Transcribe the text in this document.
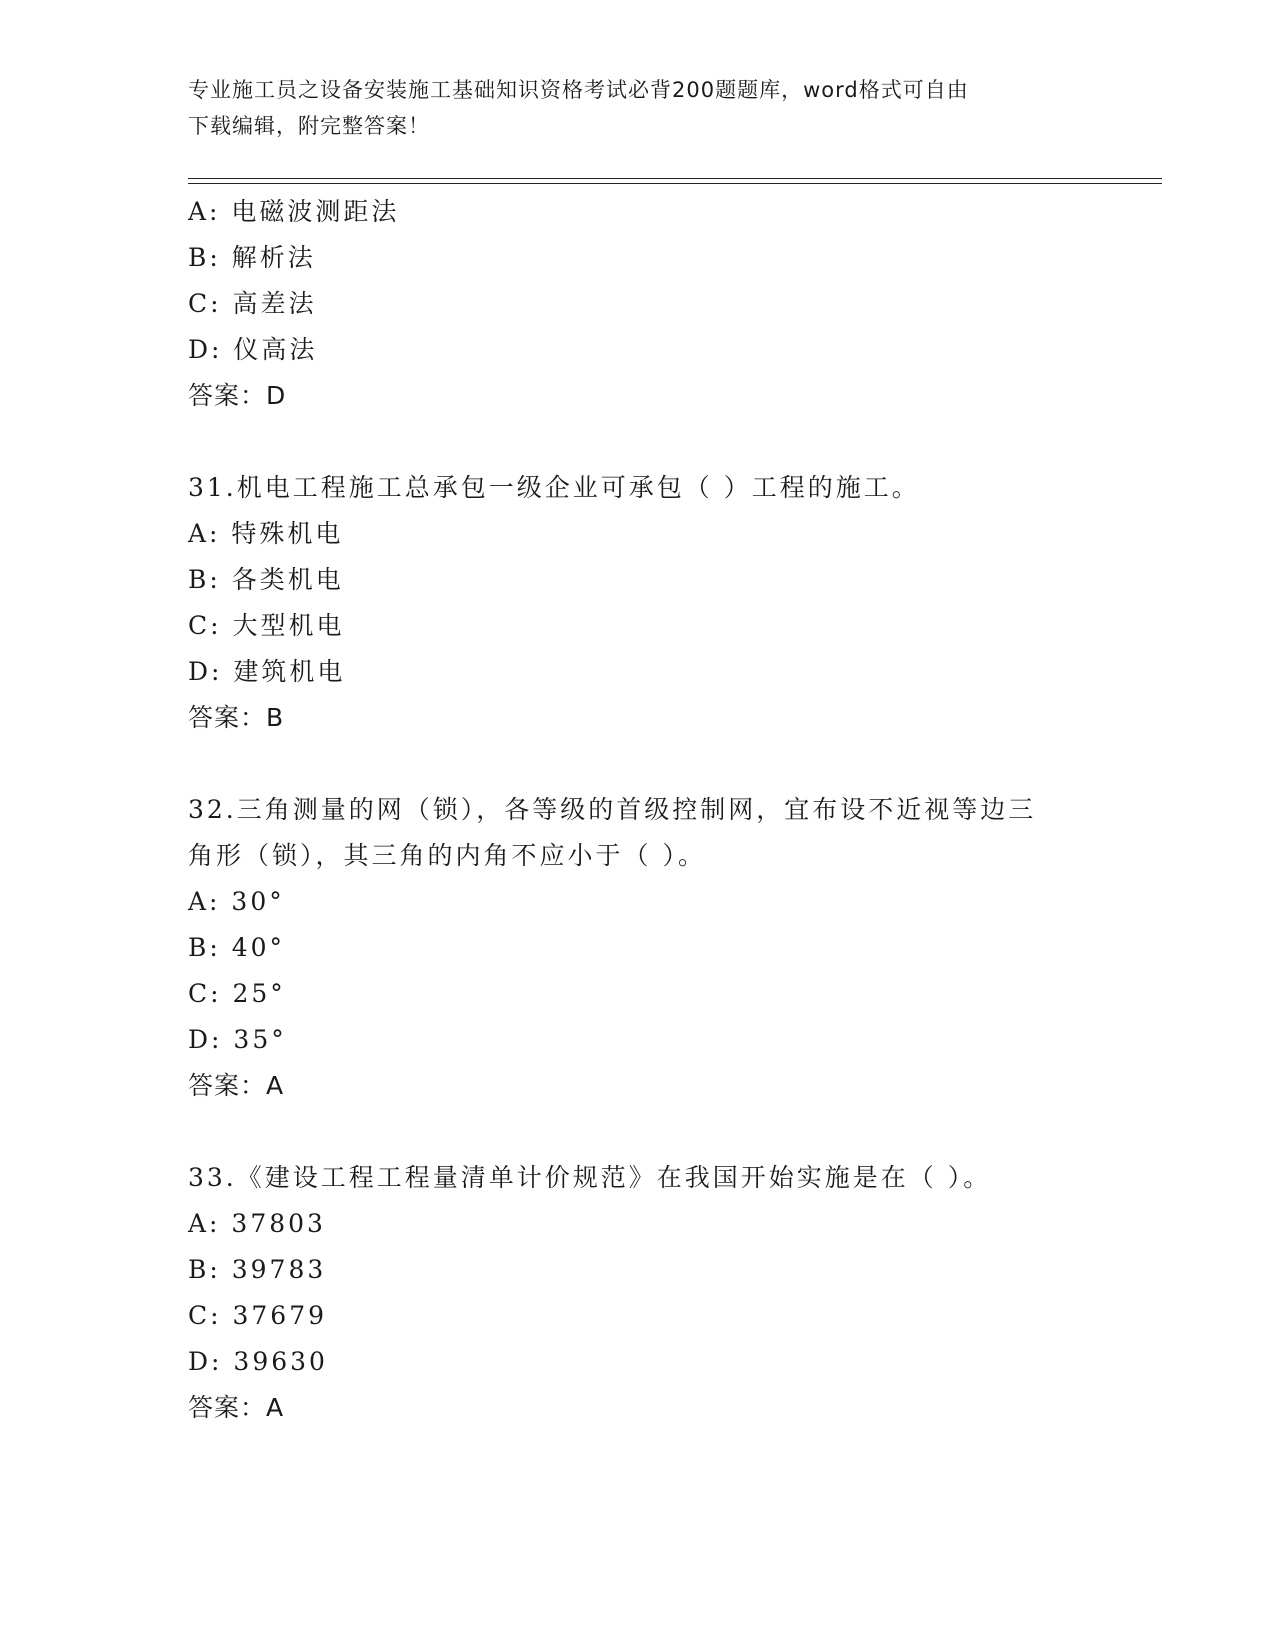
专业施工员之设备安装施工基础知识资格考试必背200题题库，word格式可自由
下载编辑，附完整答案！
A: 电磁波测距法
B: 解析法
C: 高差法
D: 仪高法
答案：D
31.机电工程施工总承包一级企业可承包（ ）工程的施工。
A: 特殊机电
B: 各类机电
C: 大型机电
D: 建筑机电
答案：B
32.三角测量的网（锁），各等级的首级控制网，宜布设不近视等边三
角形（锁），其三角的内角不应小于（ ）。
A: 30°
B: 40°
C: 25°
D: 35°
答案：A
33.《建设工程工程量清单计价规范》在我国开始实施是在（ ）。
A: 37803
B: 39783
C: 37679
D: 39630
答案：A
